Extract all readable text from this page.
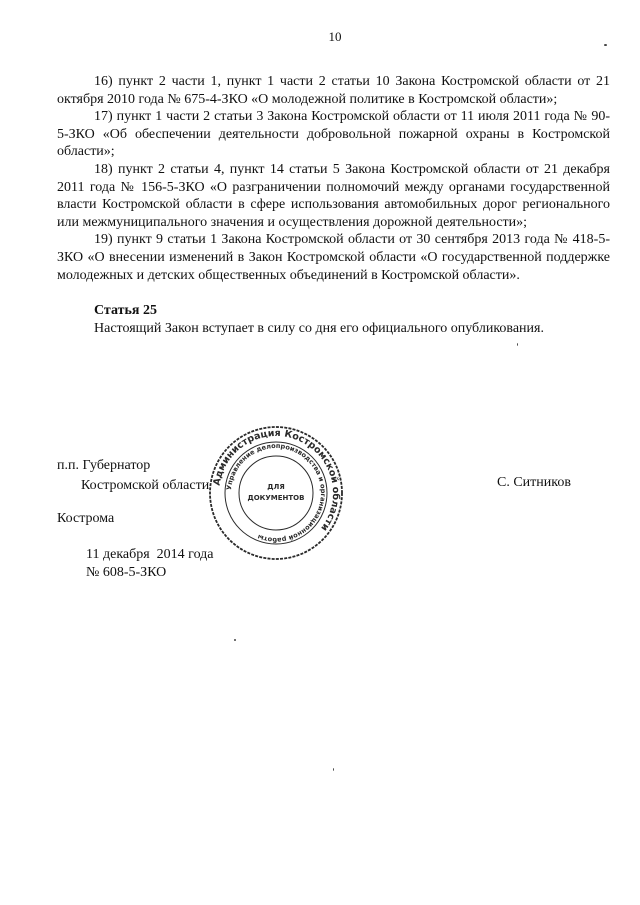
10

16) пункт 2 части 1, пункт 1 части 2 статьи 10 Закона Костромской области от 21 октября 2010 года № 675-4-ЗКО «О молодежной политике в Костромской области»;

17) пункт 1 части 2 статьи 3 Закона Костромской области от 11 июля 2011 года № 90-5-ЗКО «Об обеспечении деятельности добровольной пожарной охраны в Костромской области»;

18) пункт 2 статьи 4, пункт 14 статьи 5 Закона Костромской области от 21 декабря 2011 года № 156-5-ЗКО «О разграничении полномочий между органами государственной власти Костромской области в сфере использования автомобильных дорог регионального или межмуниципального значения и осуществления дорожной деятельности»;

19) пункт 9 статьи 1 Закона Костромской области от 30 сентября 2013 года № 418-5-ЗКО «О внесении изменений в Закон Костромской области «О государственной поддержке молодежных и детских общественных объединений в Костромской области».

Статья 25

Настоящий Закон вступает в силу со дня его официального опубликования.

п.п. Губернатор
Костромской области Администрация Костромской области
Управление делопроизводства и организационной работы
ДЛЯ
ДОКУМЕНТОВ
С. Ситников
Кострома
11 декабря  2014 года
№ 608-5-ЗКО
